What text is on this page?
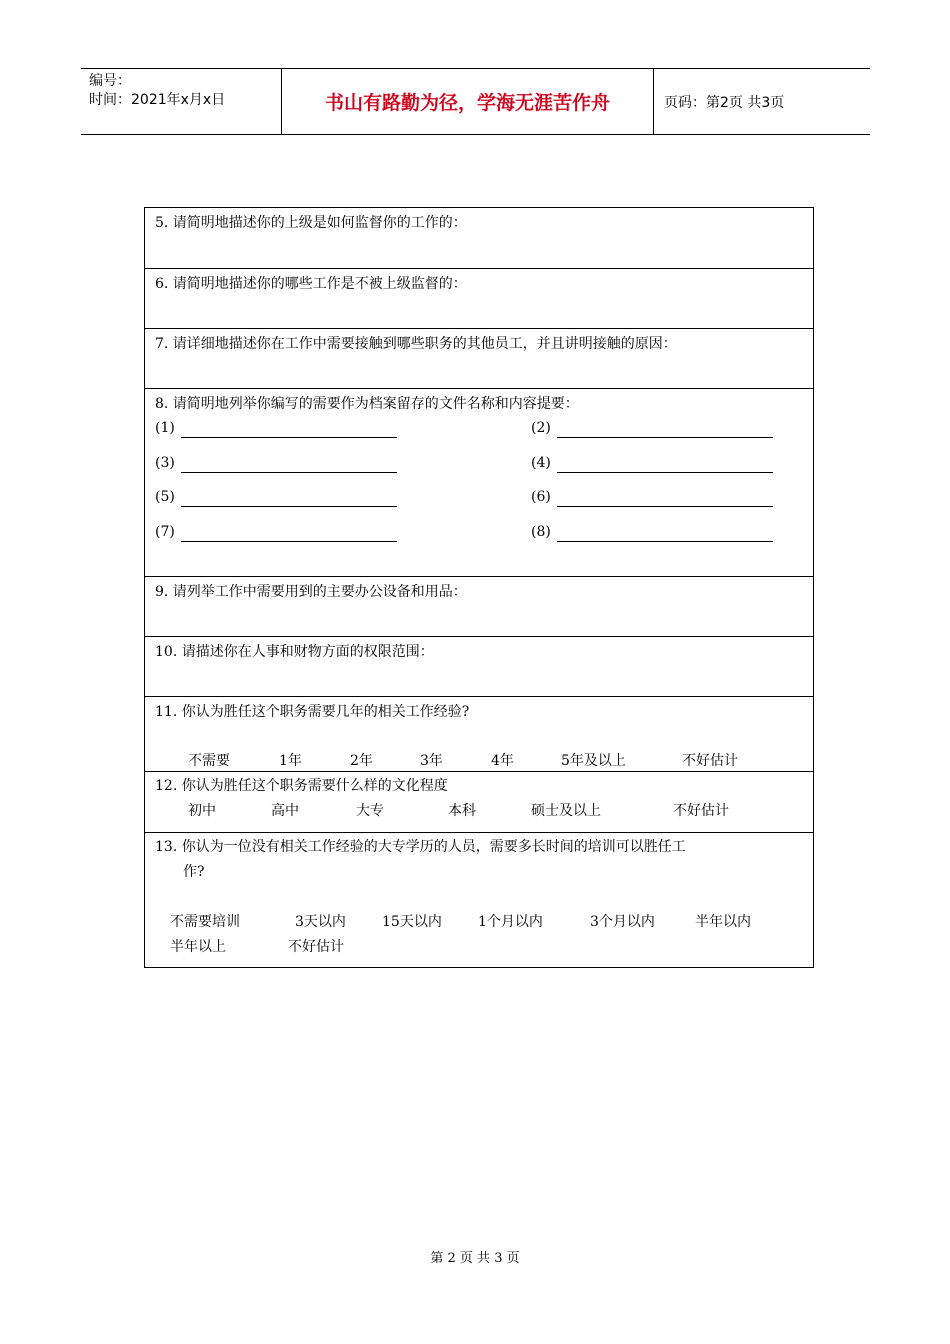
编号：
时间：2021年x月x日	书山有路勤为径，学海无涯苦作舟	页码：第2页 共3页
5. 请简明地描述你的上级是如何监督你的工作的：
6. 请简明地描述你的哪些工作是不被上级监督的：
7. 请详细地描述你在工作中需要接触到哪些职务的其他员工，并且讲明接触的原因：
8. 请简明地列举你编写的需要作为档案留存的文件名称和内容提要：
(1)	(2)
(3)	(4)
(5)	(6)
(7)	(8)
9. 请列举工作中需要用到的主要办公设备和用品：
10. 请描述你在人事和财物方面的权限范围：
11. 你认为胜任这个职务需要几年的相关工作经验?
不需要	1年	2年	3年	4年	5年及以上	不好估计
12. 你认为胜任这个职务需要什么样的文化程度
初中	高中	大专	本科	硕士及以上	不好估计
13. 你认为一位没有相关工作经验的大专学历的人员，需要多长时间的培训可以胜任工
作?
不需要培训	3天以内	15天以内	1个月以内	3个月以内	半年以内
半年以上	不好估计
第 2 页 共 3 页
